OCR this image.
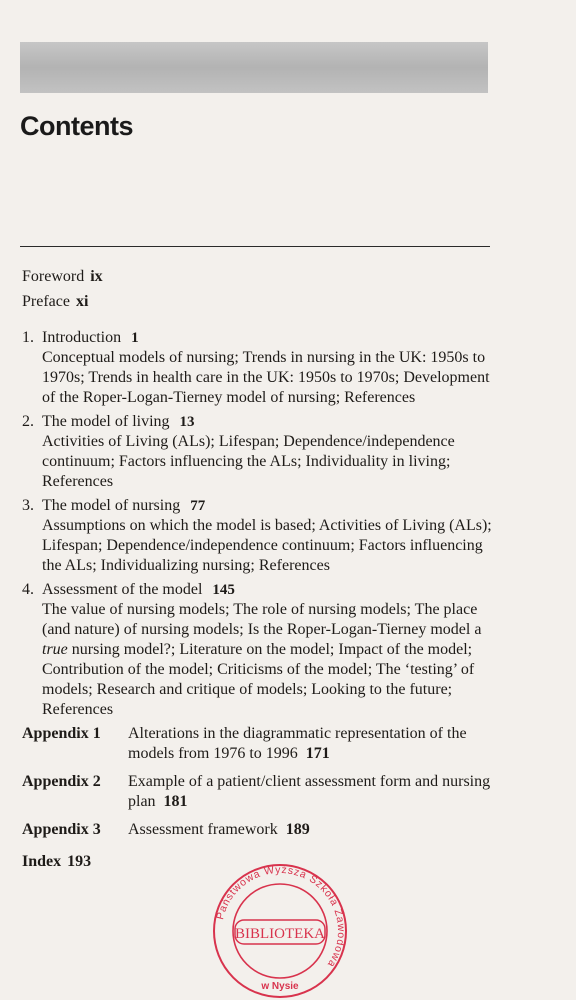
Contents
Foreword ix
Preface xi
1. Introduction 1
Conceptual models of nursing; Trends in nursing in the UK: 1950s to 1970s; Trends in health care in the UK: 1950s to 1970s; Development of the Roper-Logan-Tierney model of nursing; References
2. The model of living 13
Activities of Living (ALs); Lifespan; Dependence/independence continuum; Factors influencing the ALs; Individuality in living; References
3. The model of nursing 77
Assumptions on which the model is based; Activities of Living (ALs); Lifespan; Dependence/independence continuum; Factors influencing the ALs; Individualizing nursing; References
4. Assessment of the model 145
The value of nursing models; The role of nursing models; The place (and nature) of nursing models; Is the Roper-Logan-Tierney model a true nursing model?; Literature on the model; Impact of the model; Contribution of the model; Criticisms of the model; The ‘testing’ of models; Research and critique of models; Looking to the future; References
Appendix 1	Alterations in the diagrammatic representation of the models from 1976 to 1996 171
Appendix 2	Example of a patient/client assessment form and nursing plan 181
Appendix 3	Assessment framework 189
Index 193
Państwowa Wyższa Szkoła Zawodowa
BIBLIOTEKA
w Nysie
